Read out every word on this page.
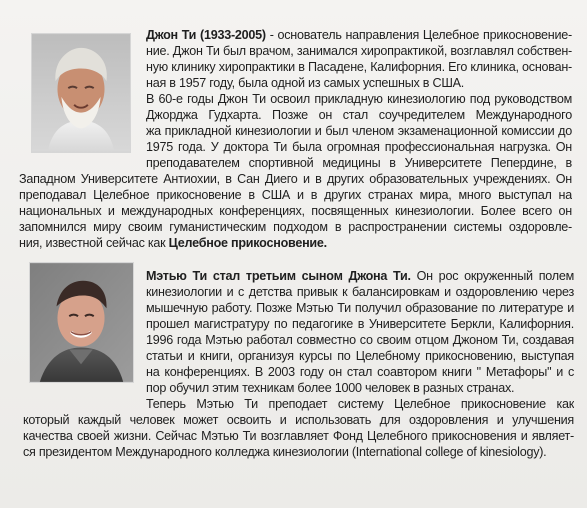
Джон Ти (1933-2005) - основатель направления Целебное прикосновение-
ние. Джон Ти был врачом, занимался хиропрактикой, возглавлял собствен-
ную клинику хиропрактики в Пасадене, Калифорния. Его клиника, основан-
ная в 1957 году, была одной из самых успешных в США.
В 60-е годы Джон Ти освоил прикладную кинезиологию под руководством
Джорджа Гудхарта. Позже он стал соучредителем Международного
жа прикладной кинезиологии и был членом экзаменационной комиссии до
1975 года. У доктора Ти была огромная профессиональная нагрузка. Он
преподавателем спортивной медицины в Университете Пепердине, в
Западном Университете Антиохии, в Сан Диего и в других образовательных учреждениях. Он
преподавал Целебное прикосновение в США и в других странах мира, много выступал на
национальных и международных конференциях, посвященных кинезиологии. Более всего он
запомнился миру своим гуманистическим подходом в распространении системы оздоровле-
ния, известной сейчас как Целебное прикосновение.
Мэтью Ти стал третьим сыном Джона Ти. Он рос окруженный полем
кинезиологии и с детства привык к балансировкам и оздоровлению через
мышечную работу. Позже Мэтью Ти получил образование по литературе и
прошел магистратуру по педагогике в Университете Беркли, Калифорния.
1996 года Мэтью работал совместно со своим отцом Джоном Ти, создавая
статьи и книги, организуя курсы по Целебному прикосновению, выступая
на конференциях. В 2003 году он стал соавтором книги " Метафоры" и с
пор обучил этим техникам более 1000 человек в разных странах.
Теперь Мэтью Ти преподает систему Целебное прикосновение как
который каждый человек может освоить и использовать для оздоровления и улучшения
качества своей жизни. Сейчас Мэтью Ти возглавляет Фонд Целебного прикосновения и являет-
ся президентом Международного колледжа кинезиологии (International college of kinesiology).
